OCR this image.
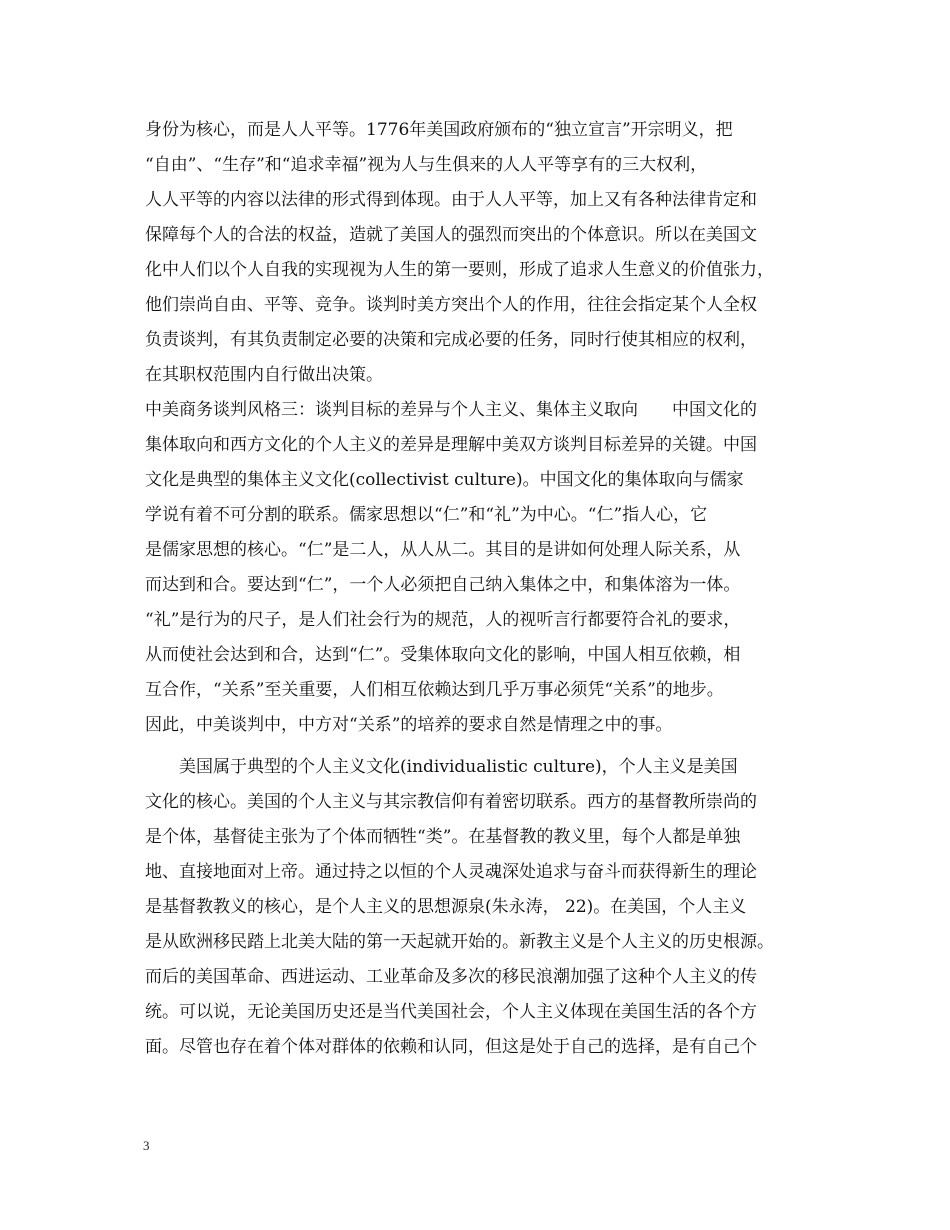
身份为核心，而是人人平等。1776年美国政府颁布的“独立宣言”开宗明义，把
“自由”、“生存”和“追求幸福”视为人与生俱来的人人平等享有的三大权利，
人人平等的内容以法律的形式得到体现。由于人人平等，加上又有各种法律肯定和
保障每个人的合法的权益，造就了美国人的强烈而突出的个体意识。所以在美国文
化中人们以个人自我的实现视为人生的第一要则，形成了追求人生意义的价值张力，
他们崇尚自由、平等、竞争。谈判时美方突出个人的作用，往往会指定某个人全权
负责谈判，有其负责制定必要的决策和完成必要的任务，同时行使其相应的权利，
在其职权范围内自行做出决策。
中美商务谈判风格三：谈判目标的差异与个人主义、集体主义取向　　中国文化的
集体取向和西方文化的个人主义的差异是理解中美双方谈判目标差异的关键。中国
文化是典型的集体主义文化(collectivist culture)。中国文化的集体取向与儒家
学说有着不可分割的联系。儒家思想以“仁”和“礼”为中心。“仁”指人心，它
是儒家思想的核心。“仁”是二人，从人从二。其目的是讲如何处理人际关系，从
而达到和合。要达到“仁”，一个人必须把自己纳入集体之中，和集体溶为一体。
“礼”是行为的尺子，是人们社会行为的规范，人的视听言行都要符合礼的要求，
从而使社会达到和合，达到“仁”。受集体取向文化的影响，中国人相互依赖，相
互合作，“关系”至关重要，人们相互依赖达到几乎万事必须凭“关系”的地步。
因此，中美谈判中，中方对“关系”的培养的要求自然是情理之中的事。
　　美国属于典型的个人主义文化(individualistic culture)，个人主义是美国
文化的核心。美国的个人主义与其宗教信仰有着密切联系。西方的基督教所崇尚的
是个体，基督徒主张为了个体而牺牲“类”。在基督教的教义里，每个人都是单独
地、直接地面对上帝。通过持之以恒的个人灵魂深处追求与奋斗而获得新生的理论
是基督教教义的核心，是个人主义的思想源泉(朱永涛， 22)。在美国，个人主义
是从欧洲移民踏上北美大陆的第一天起就开始的。新教主义是个人主义的历史根源。
而后的美国革命、西进运动、工业革命及多次的移民浪潮加强了这种个人主义的传
统。可以说，无论美国历史还是当代美国社会，个人主义体现在美国生活的各个方
面。尽管也存在着个体对群体的依赖和认同，但这是处于自己的选择，是有自己个
3
